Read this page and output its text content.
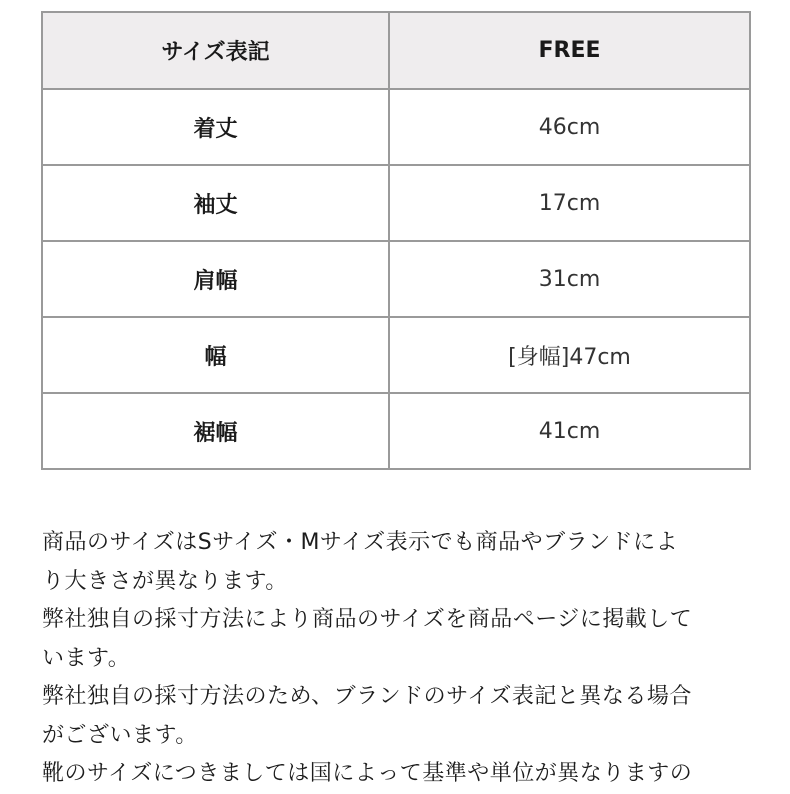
サイズ表記	FREE
着丈	46cm
袖丈	17cm
肩幅	31cm
幅	[身幅]47cm
裾幅	41cm

商品のサイズはSサイズ・Mサイズ表示でも商品やブランドによ

り大きさが異なります。

弊社独自の採寸方法により商品のサイズを商品ページに掲載して

います。

弊社独自の採寸方法のため、ブランドのサイズ表記と異なる場合

がございます。

靴のサイズにつきましては国によって基準や単位が異なりますの
